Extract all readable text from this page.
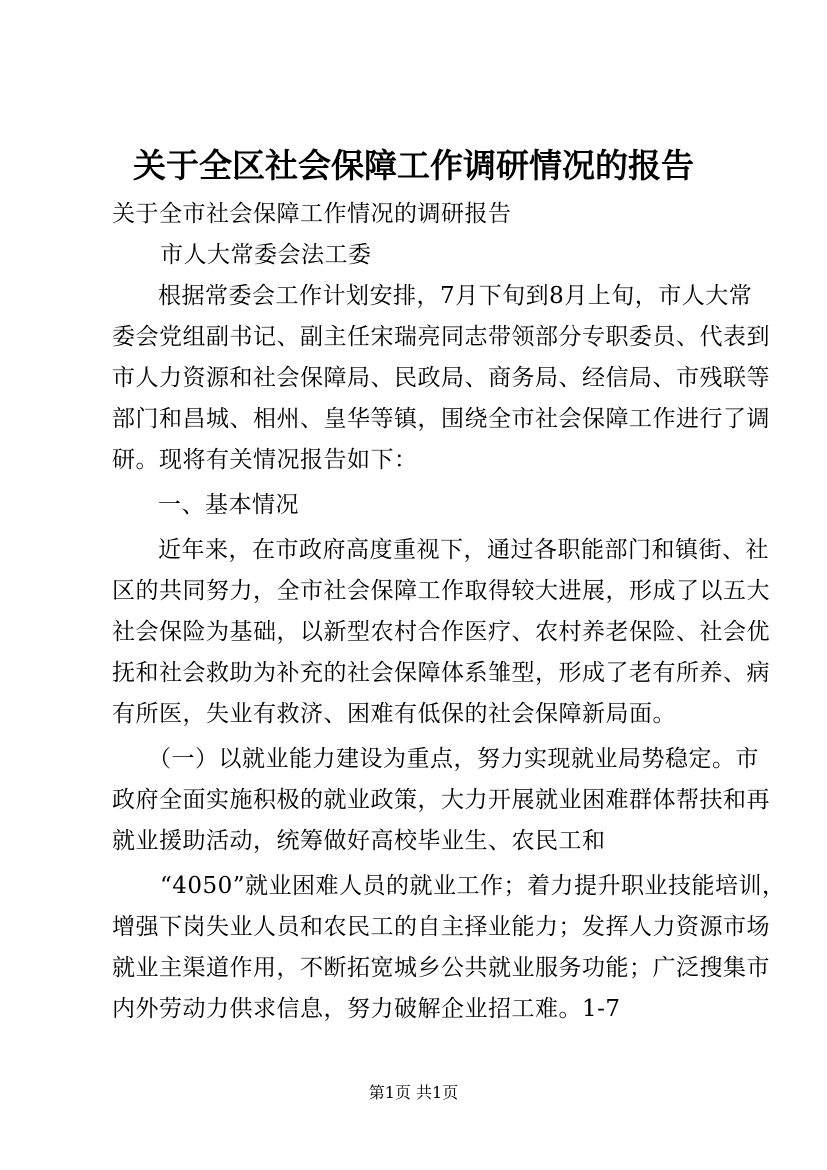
关于全区社会保障工作调研情况的报告
关于全市社会保障工作情况的调研报告
市人大常委会法工委
根据常委会工作计划安排，7月下旬到8月上旬，市人大常
委会党组副书记、副主任宋瑞亮同志带领部分专职委员、代表到
市人力资源和社会保障局、民政局、商务局、经信局、市残联等
部门和昌城、相州、皇华等镇，围绕全市社会保障工作进行了调
研。现将有关情况报告如下：
一、基本情况
近年来，在市政府高度重视下，通过各职能部门和镇街、社
区的共同努力，全市社会保障工作取得较大进展，形成了以五大
社会保险为基础，以新型农村合作医疗、农村养老保险、社会优
抚和社会救助为补充的社会保障体系雏型，形成了老有所养、病
有所医，失业有救济、困难有低保的社会保障新局面。
（一）以就业能力建设为重点，努力实现就业局势稳定。市
政府全面实施积极的就业政策，大力开展就业困难群体帮扶和再
就业援助活动，统筹做好高校毕业生、农民工和
“4050”就业困难人员的就业工作；着力提升职业技能培训，
增强下岗失业人员和农民工的自主择业能力；发挥人力资源市场
就业主渠道作用，不断拓宽城乡公共就业服务功能；广泛搜集市
内外劳动力供求信息，努力破解企业招工难。1-7
第1页 共1页
